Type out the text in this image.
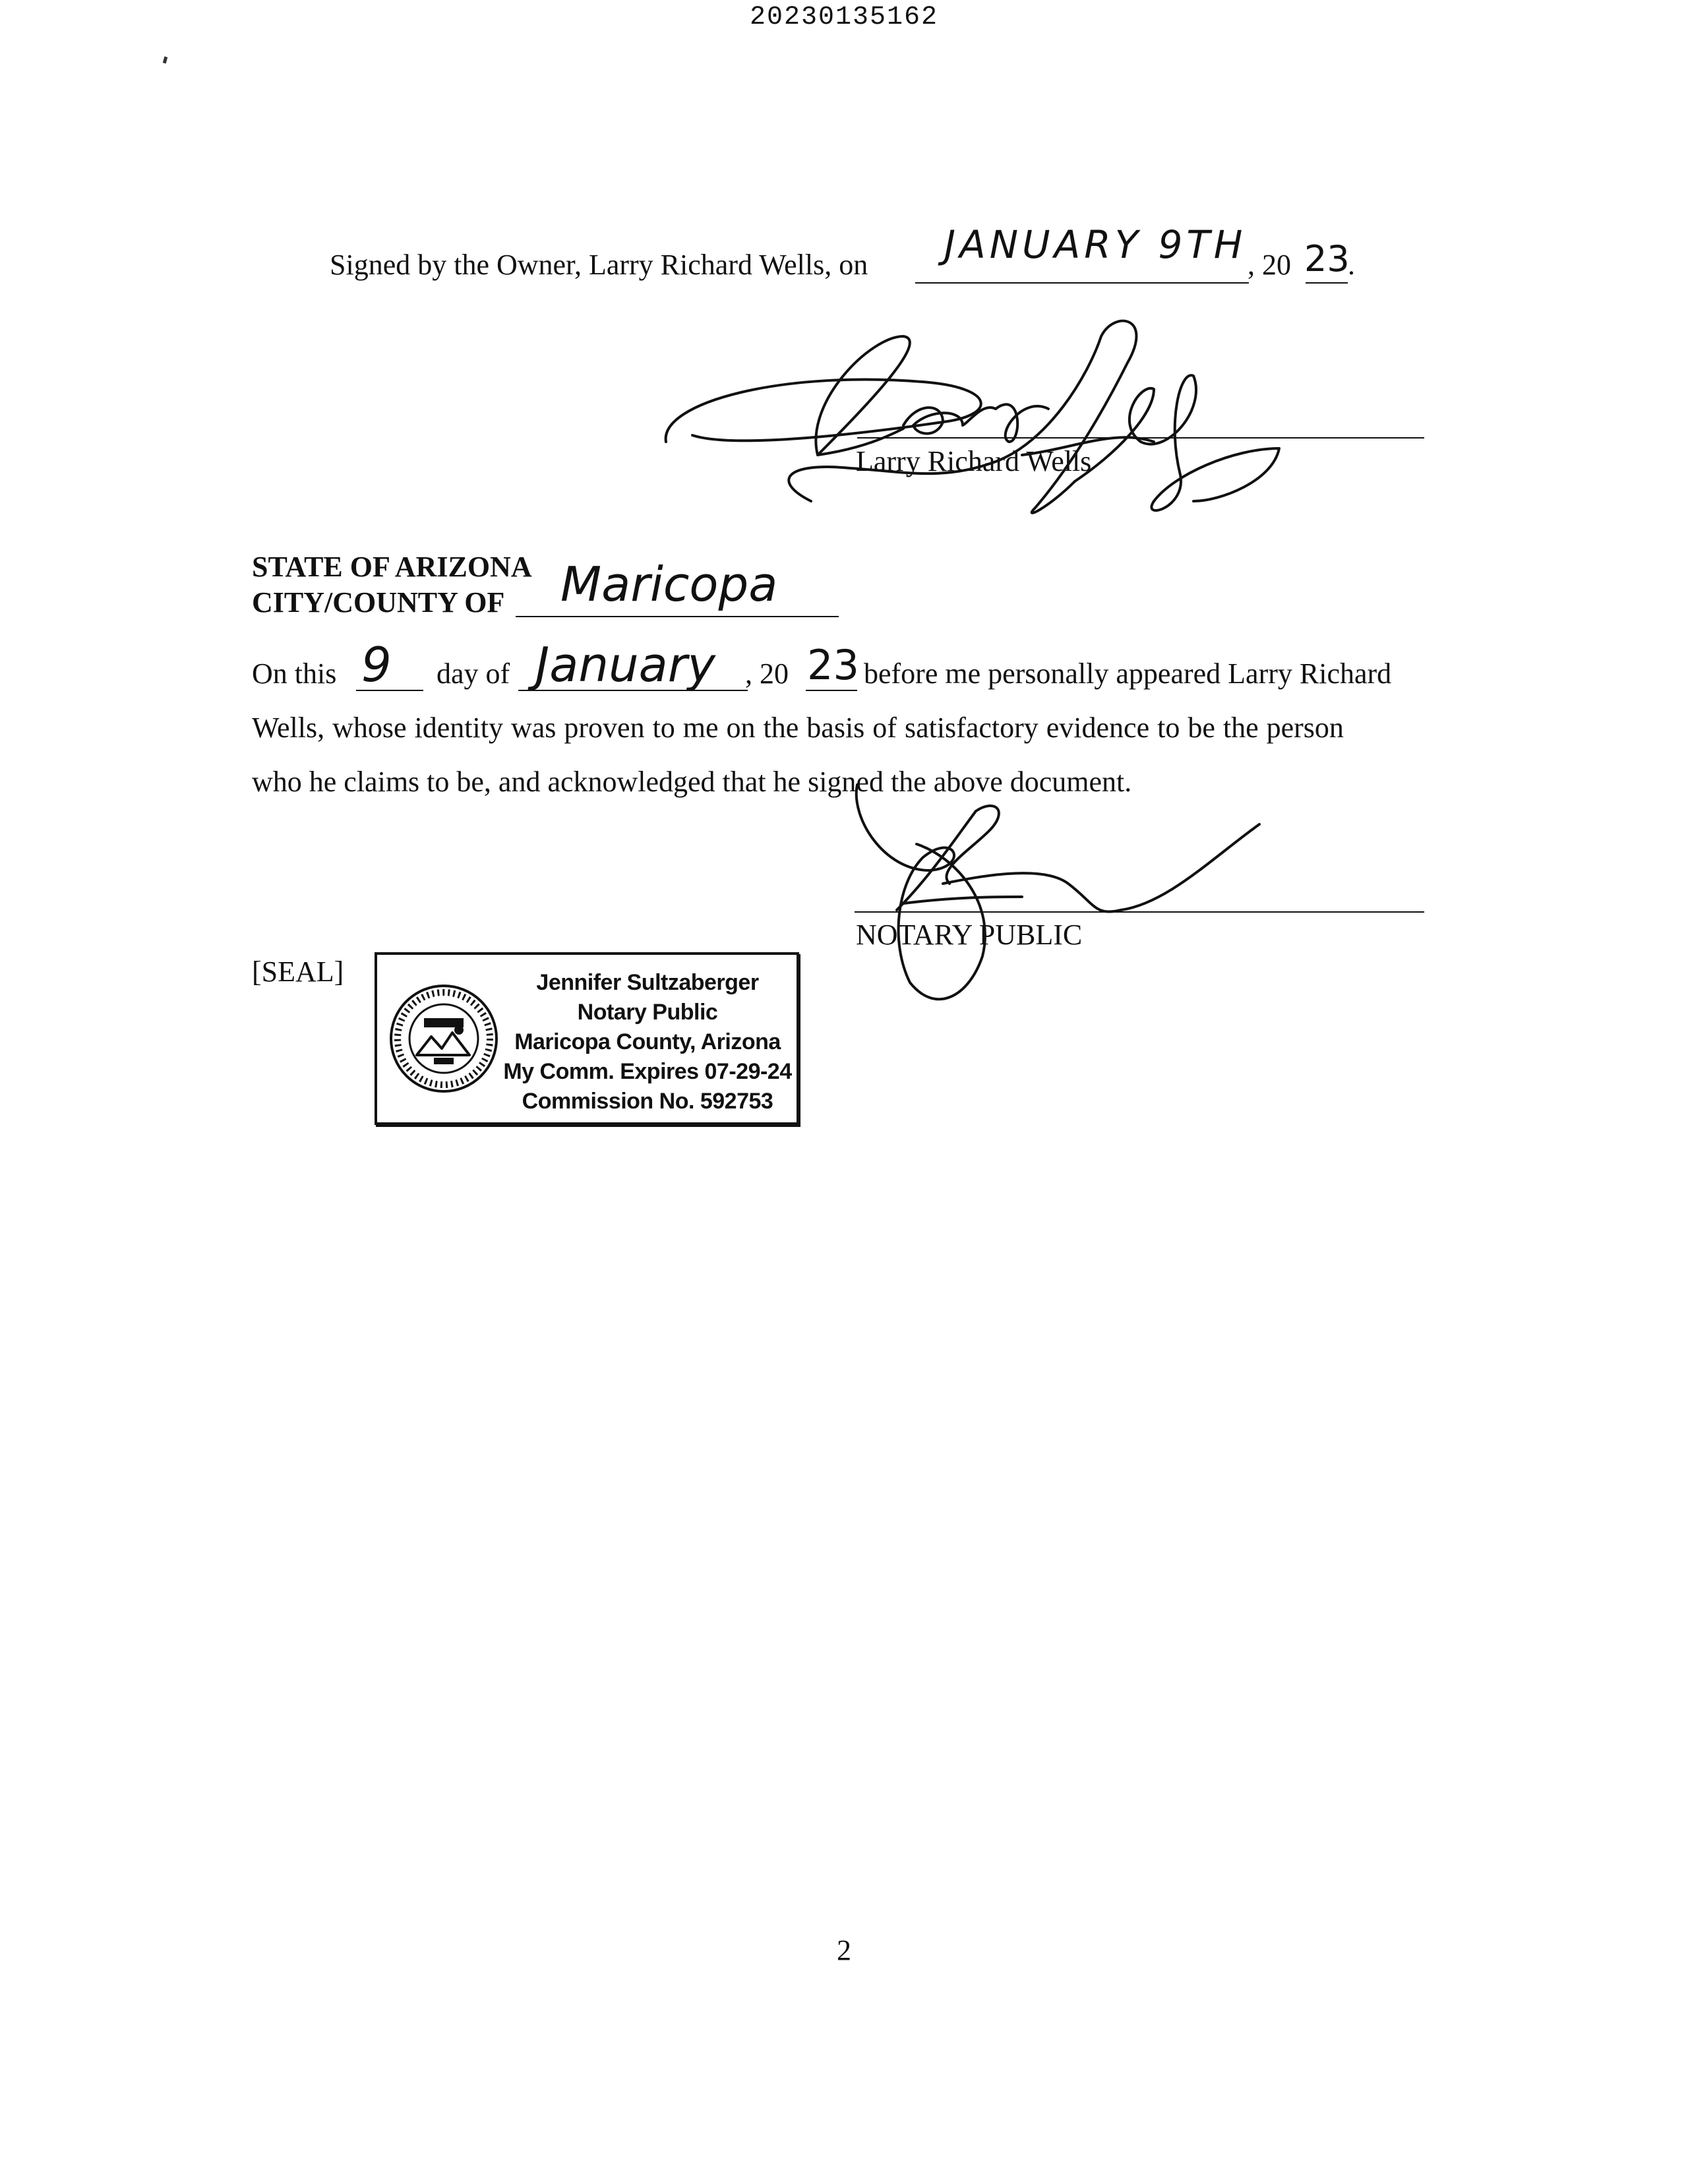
20230135162
Signed by the Owner, Larry Richard Wells, on JANUARY 9TH , 20 23
.
Larry Richard Wells
STATE OF ARIZONA
CITY/COUNTY OF Maricopa
On this 9 day of January , 20 23 before me personally appeared Larry Richard
Wells, whose identity was proven to me on the basis of satisfactory evidence to be the person
who he claims to be, and acknowledged that he signed the above document.
NOTARY PUBLIC
[SEAL]	Jennifer Sultzaberger
Notary Public
Maricopa County, Arizona
My Comm. Expires 07-29-24
Commission No. 592753
2
